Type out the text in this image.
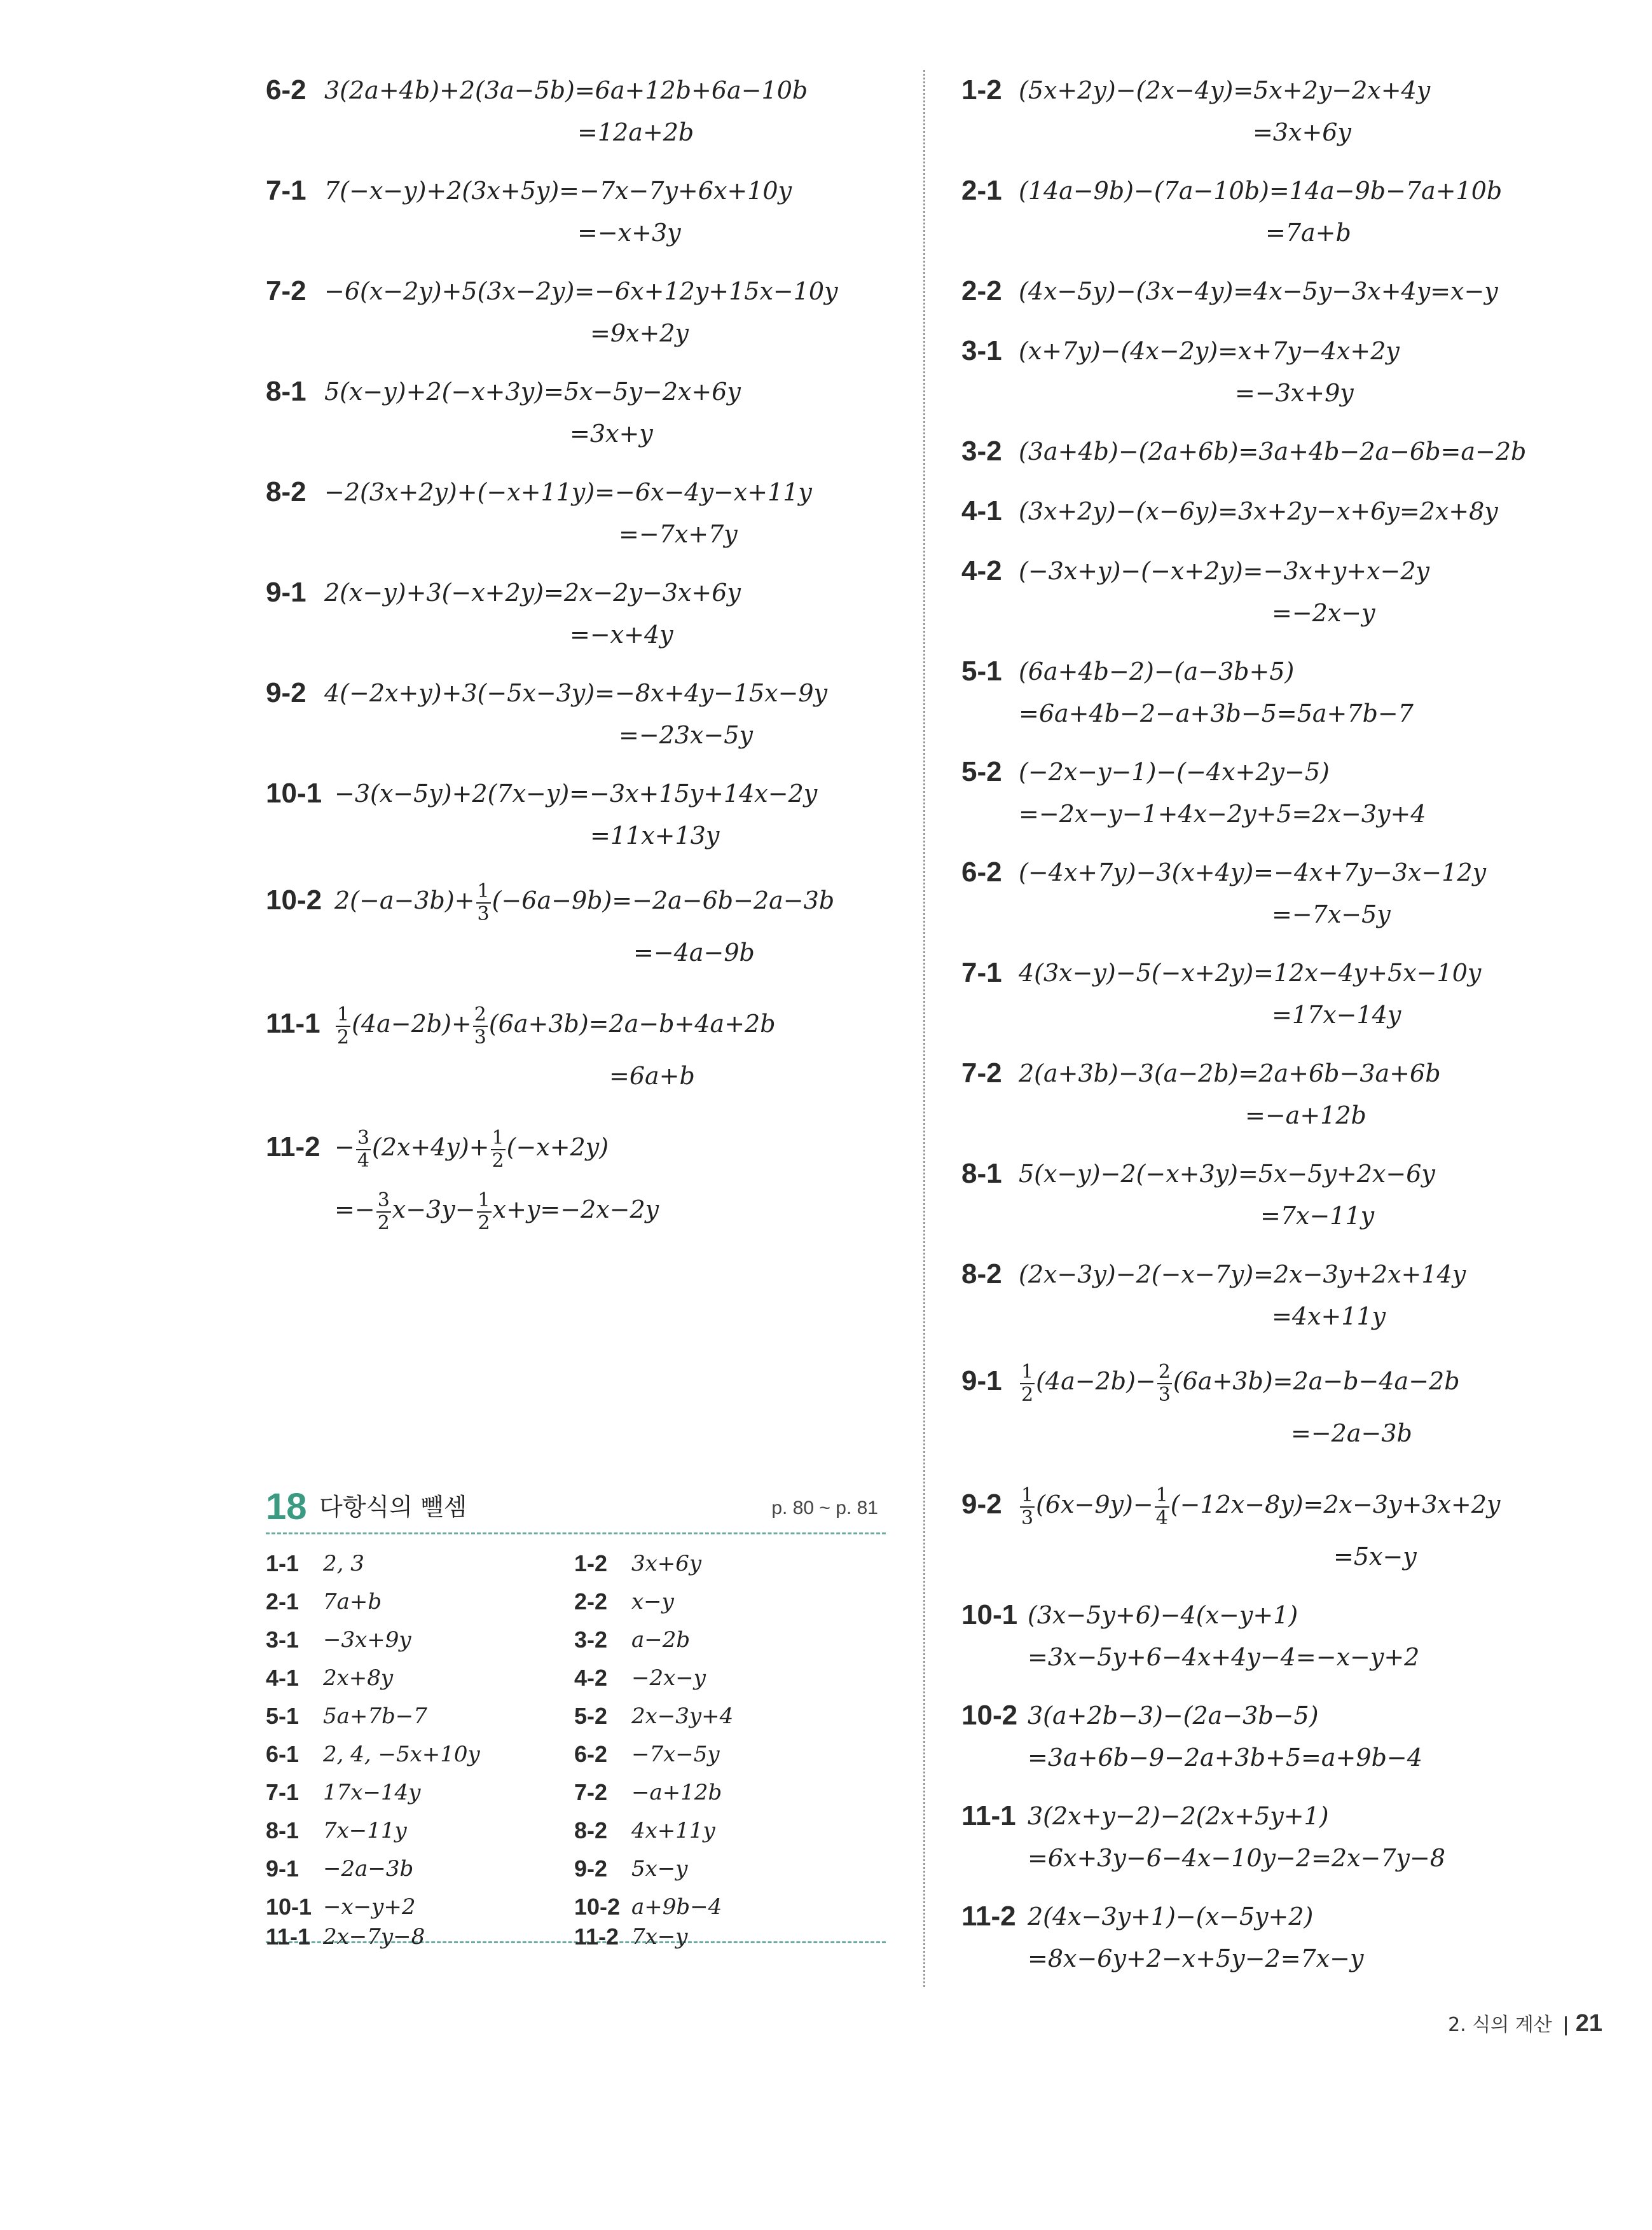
6-2 3(2a+4b)+2(3a−5b)=6a+12b+6a−10b
=12a+2b
7-1 7(−x−y)+2(3x+5y)=−7x−7y+6x+10y
=−x+3y
7-2 −6(x−2y)+5(3x−2y)=−6x+12y+15x−10y
=9x+2y
8-1 5(x−y)+2(−x+3y)=5x−5y−2x+6y
=3x+y
8-2 −2(3x+2y)+(−x+11y)=−6x−4y−x+11y
=−7x+7y
9-1 2(x−y)+3(−x+2y)=2x−2y−3x+6y
=−x+4y
9-2 4(−2x+y)+3(−5x−3y)=−8x+4y−15x−9y
=−23x−5y
10-1 −3(x−5y)+2(7x−y)=−3x+15y+14x−2y
=11x+13y
10-2 $2(-a-3b)+ \frac{1}{3} (-6a-9b)=-2a-6b-2a-3b$
=−4a−9b
$11-1 \frac{1}{2} (4a-2b)+ \frac{2}{3} (6a+3b)=2a-b+4a+2b$
=6a+b
$11-2 - \frac{3}{4} (2x+4y)+ \frac{1}{2} (-x+2y)$
=− $\frac{3}{2} x-3y- \frac{1}{2} x+y=-2x-2y$
18 다항식의 뺄셈	p. 80 ~ p. 81
1-1 2, 3
2-1 7a+b
3-1 −3x+9y
4-1 2x+8y
5-1 5a+7b−7
6-1 2, 4, −5x+10y
7-1 17x−14y
8-1 7x−11y
9-1 −2a−3b
10-1 −x−y+2
1-2 3x+6y
2-2 x−y
3-2 a−2b
4-2 −2x−y
5-2 2x−3y+4
6-2 −7x−5y
7-2 −a+12b
8-2 4x+11y
9-2 5x−y
10-2 a+9b−4
11-1 2x−7y−8	11-2 7x−y
1-2 (5x+2y)−(2x−4y)=5x+2y−2x+4y
=3x+6y
2-1 (14a−9b)−(7a−10b)=14a−9b−7a+10b
=7a+b
2-2 (4x−5y)−(3x−4y)=4x−5y−3x+4y=x−y
3-1 (x+7y)−(4x−2y)=x+7y−4x+2y
=−3x+9y
3-2 (3a+4b)−(2a+6b)=3a+4b−2a−6b=a−2b
4-1 (3x+2y)−(x−6y)=3x+2y−x+6y=2x+8y
4-2 (−3x+y)−(−x+2y)=−3x+y+x−2y
=−2x−y
5-1 (6a+4b−2)−(a−3b+5)
=6a+4b−2−a+3b−5=5a+7b−7
5-2 (−2x−y−1)−(−4x+2y−5)
=−2x−y−1+4x−2y+5=2x−3y+4
6-2 (−4x+7y)−3(x+4y)=−4x+7y−3x−12y
=−7x−5y
7-1 4(3x−y)−5(−x+2y)=12x−4y+5x−10y
=17x−14y
7-2 2(a+3b)−3(a−2b)=2a+6b−3a+6b
=−a+12b
8-1 5(x−y)−2(−x+3y)=5x−5y+2x−6y
=7x−11y
8-2 (2x−3y)−2(−x−7y)=2x−3y+2x+14y
=4x+11y
$9-1 \frac{1}{2} (4a-2b)- \frac{2}{3} (6a+3b)=2a-b-4a-2b$
=−2a−3b
$9-2 \frac{1}{3} (6x-9y)- \frac{1}{4} (-12x-8y)=2x-3y+3x+2y$
=5x−y
10-1 (3x−5y+6)−4(x−y+1)
=3x−5y+6−4x+4y−4=−x−y+2
10-2 3(a+2b−3)−(2a−3b−5)
=3a+6b−9−2a+3b+5=a+9b−4
11-1 3(2x+y−2)−2(2x+5y+1)
=6x+3y−6−4x−10y−2=2x−7y−8
11-2 2(4x−3y+1)−(x−5y+2)
=8x−6y+2−x+5y−2=7x−y
2. 식의 계산 21
